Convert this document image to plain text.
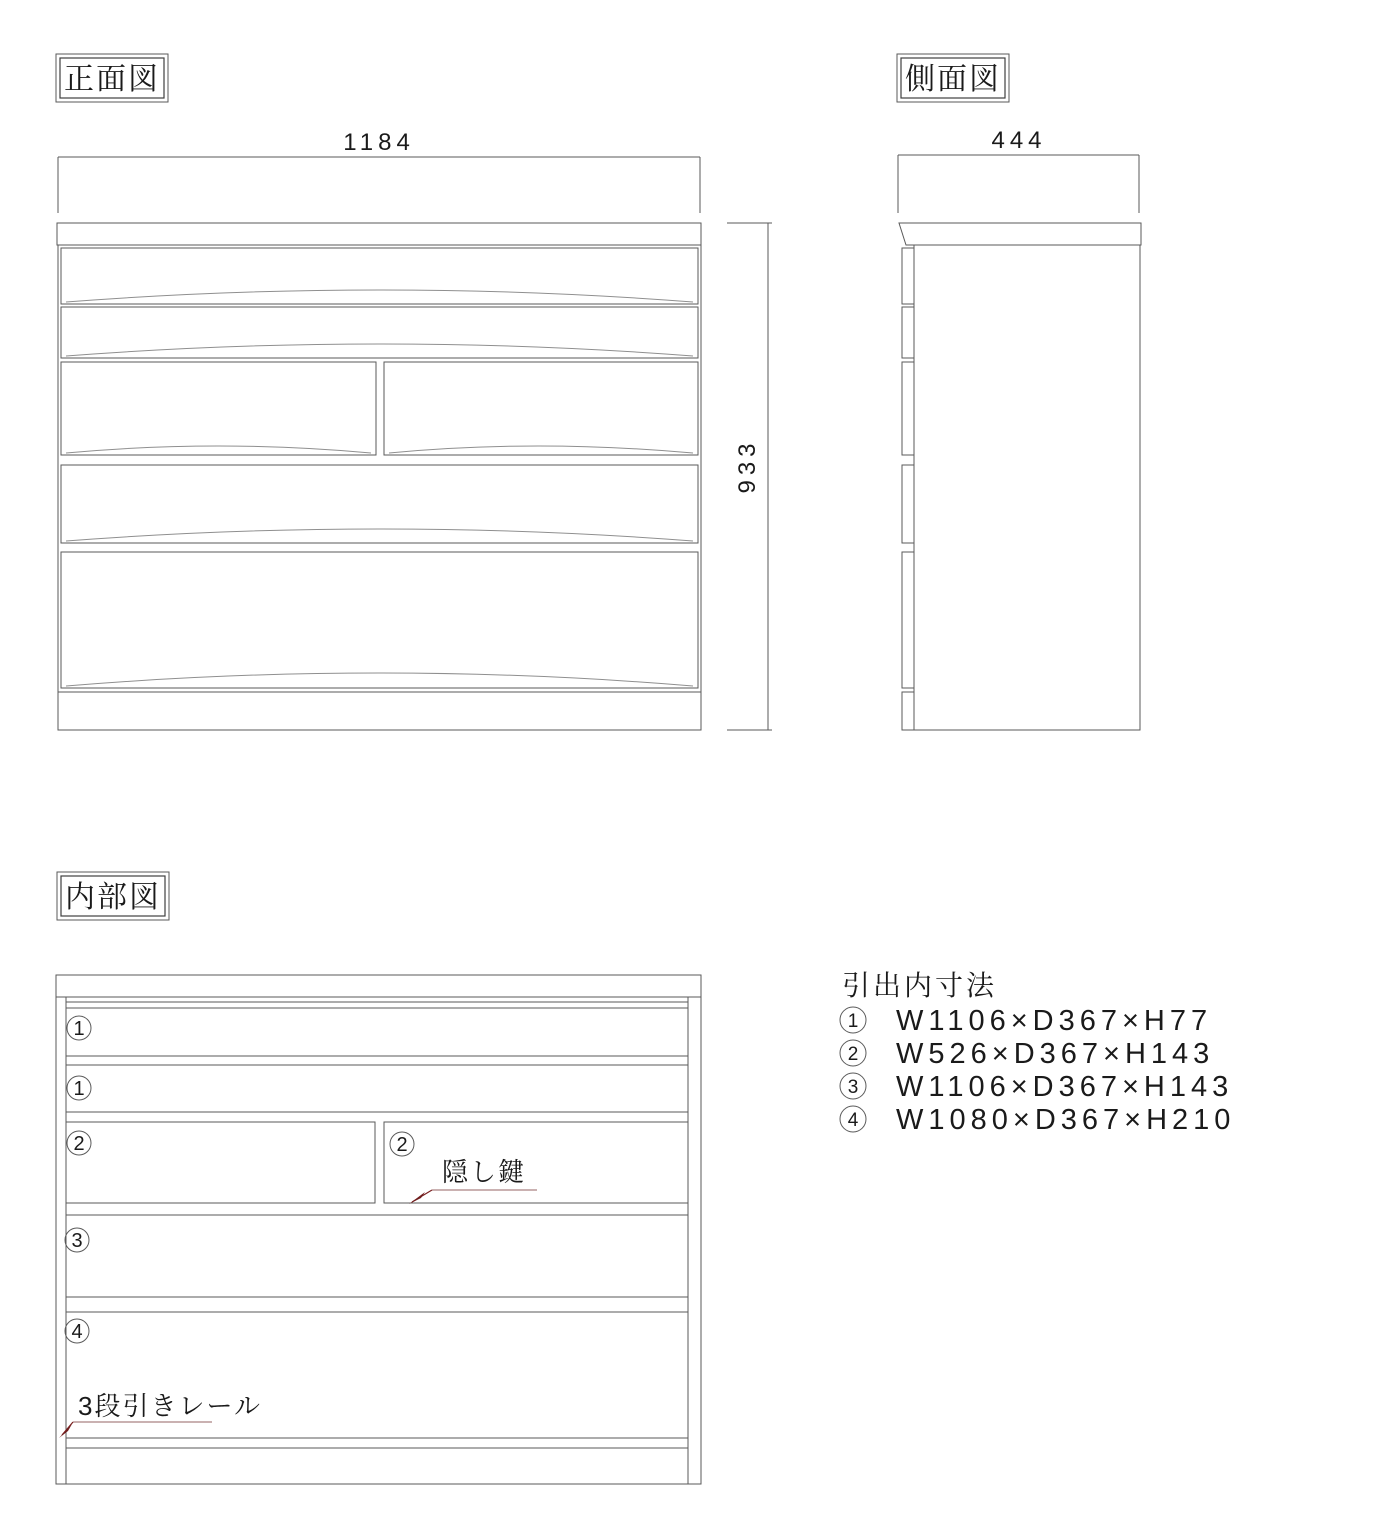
正面図
1184
933
側面図
444
内部図
1
1
2	2
3
4
隠し鍵
3段引きレール
引出内寸法
1 W1106×D367×H77
2 W526×D367×H143
3 W1106×D367×H143
4 W1080×D367×H210
